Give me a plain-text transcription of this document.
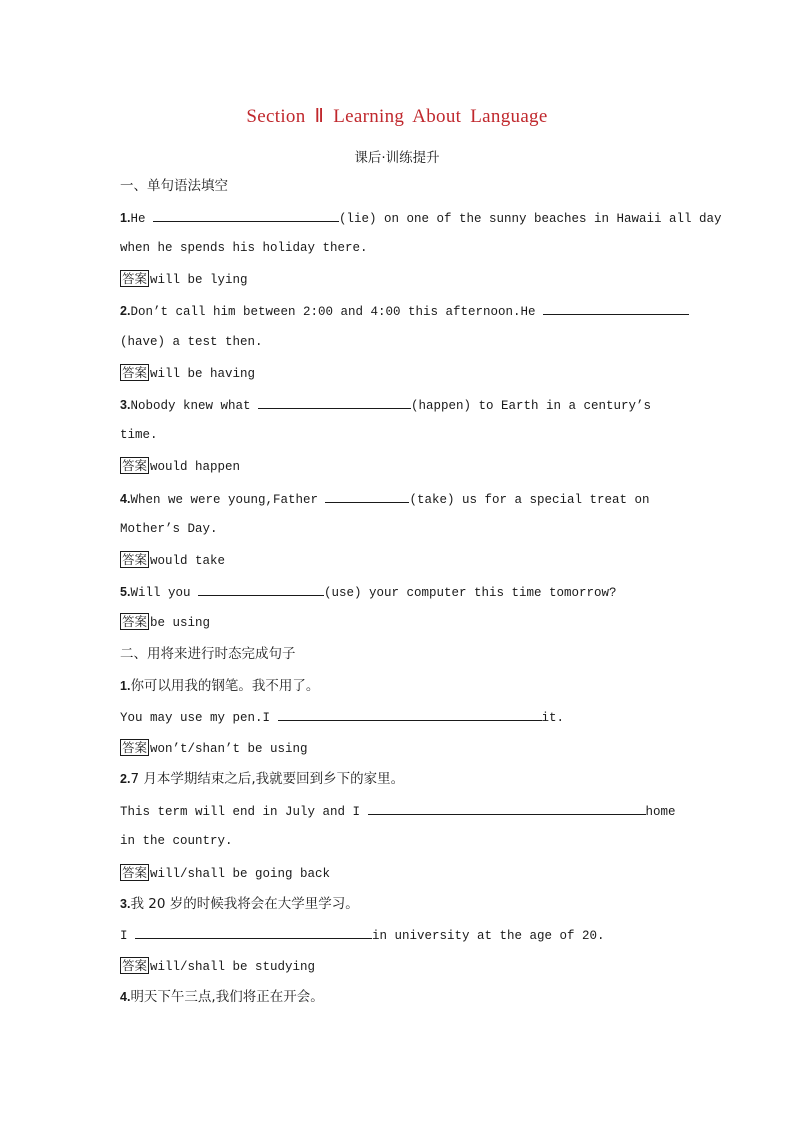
Section Ⅱ Learning About Language
课后·训练提升
一、单句语法填空
1.He	(lie) on one of the sunny beaches in Hawaii all day
when he spends his holiday there.
答案 will be lying
2.Don’t call him between 2:00 and 4:00 this afternoon.He
(have) a test then.
答案 will be having
3.Nobody knew what	(happen) to Earth in a century’s
time.
答案 would happen
4.When we were young,Father	(take) us for a special treat on
Mother’s Day.
答案 would take
5.Will you	(use) your computer this time tomorrow?
答案 be using
二、用将来进行时态完成句子
1.你可以用我的钢笔。我不用了。
You may use my pen.I	it.
答案 won’t/shan’t be using
2.7 月本学期结束之后,我就要回到乡下的家里。
This term will end in July and I	home
in the country.
答案 will/shall be going back
3.我 20 岁的时候我将会在大学里学习。
I	in university at the age of 20.
答案 will/shall be studying
4.明天下午三点,我们将正在开会。
